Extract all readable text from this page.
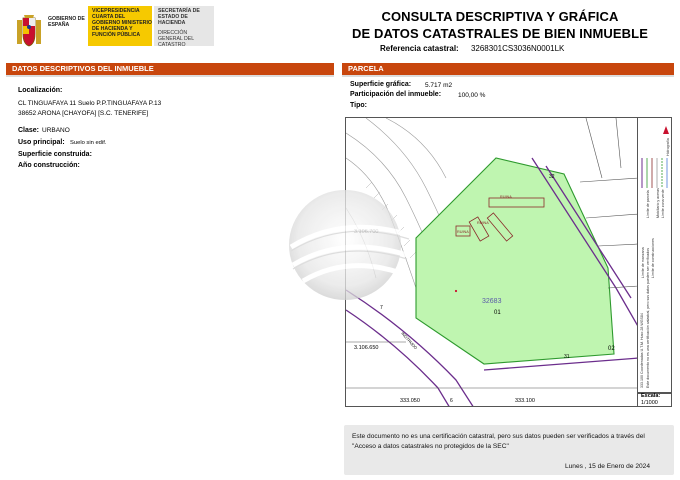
GOBIERNO DE ESPAÑA
VICEPRESIDENCIA CUARTA DEL GOBIERNO MINISTERIO DE HACIENDA Y FUNCIÓN PÚBLICA
SECRETARÍA DE ESTADO DE HACIENDA
DIRECCIÓN GENERAL DEL CATASTRO
CONSULTA DESCRIPTIVA Y GRÁFICA
DE DATOS CATASTRALES DE BIEN INMUEBLE
Referencia catastral: 3268301CS3036N0001LK
DATOS DESCRIPTIVOS DEL INMUEBLE	PARCELA
Localización:
CL TINGUAFAYA 11 Suelo P.P.TINGUAFAYA P.13
38652 ARONA [CHAYOFA] [S.C. TENERIFE]
Clase: URBANO
Uso principal: Suelo sin edif.
Superficie construida:
Año construcción:
Superficie gráfica: 5.717 m2
Participación del inmueble:	100,00 %
Tipo:
32683
01
02
RUINA
RUINA
RUINA
3.106.650	INGTRUDO
32
31
7
6
333.100 Coordenadas U.T.M. Huso 28 WGS84 Este documento no es una certificación catastral, pero sus datos pueden ser verificados
Límite de manzana
Límite de parcela
Límite de construcciones
Mobiliario y aceras Límite zona verde
Hidrografía
Escala:
1/1000
333.050	333.100
Este documento no es una certificación catastral, pero sus datos pueden ser verificados a través del "Acceso a datos catastrales no protegidos de la SEC"
Lunes , 15 de Enero de 2024
